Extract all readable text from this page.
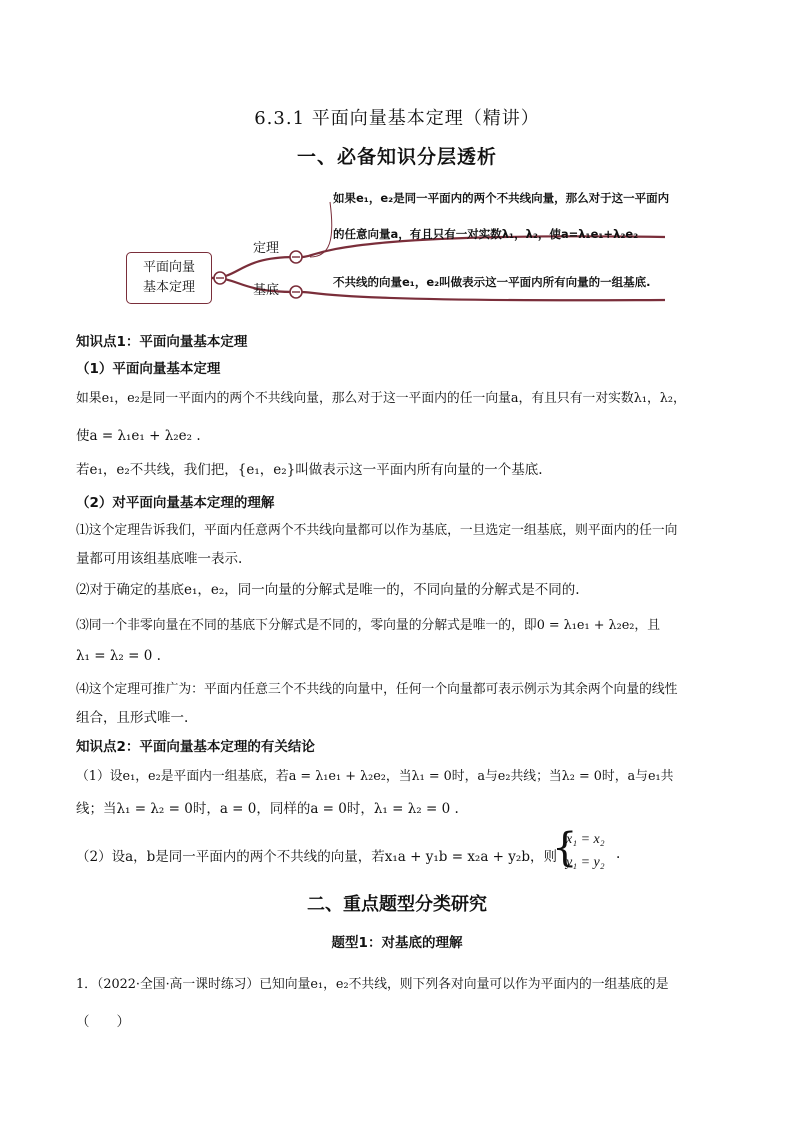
6.3.1 平面向量基本定理（精讲）
一、必备知识分层透析
平面向量
基本定理
定理
基底
如果e₁，e₂是同一平面内的两个不共线向量，那么对于这一平面内
的任意向量a，有且只有一对实数λ₁，λ₂，使a=λ₁e₁+λ₂e₂
不共线的向量e₁，e₂叫做表示这一平面内所有向量的一组基底.
知识点1：平面向量基本定理
（1）平面向量基本定理
如果e₁，e₂是同一平面内的两个不共线向量，那么对于这一平面内的任一向量a，有且只有一对实数λ₁，λ₂，
使a = λ₁e₁ + λ₂e₂ .
若e₁，e₂不共线，我们把，{e₁，e₂}叫做表示这一平面内所有向量的一个基底.
（2）对平面向量基本定理的理解
⑴这个定理告诉我们，平面内任意两个不共线向量都可以作为基底，一旦选定一组基底，则平面内的任一向
量都可用该组基底唯一表示.
⑵对于确定的基底e₁，e₂，同一向量的分解式是唯一的，不同向量的分解式是不同的.
⑶同一个非零向量在不同的基底下分解式是不同的，零向量的分解式是唯一的，即0 = λ₁e₁ + λ₂e₂，且
λ₁ = λ₂ = 0 .
⑷这个定理可推广为：平面内任意三个不共线的向量中，任何一个向量都可表示例示为其余两个向量的线性
组合，且形式唯一.
知识点2：平面向量基本定理的有关结论
（1）设e₁，e₂是平面内一组基底，若a = λ₁e₁ + λ₂e₂，当λ₁ = 0时，a与e₂共线；当λ₂ = 0时，a与e₁共
线；当λ₁ = λ₂ = 0时，a = 0，同样的a = 0时，λ₁ = λ₂ = 0 .
（2）设a，b是同一平面内的两个不共线的向量，若x₁a + y₁b = x₂a + y₂b，则
{
x₁ = x₂
y₁ = y₂
.
二、重点题型分类研究
题型1：对基底的理解
1．（2022·全国·高一课时练习）已知向量e₁，e₂不共线，则下列各对向量可以作为平面内的一组基底的是
（　　）
